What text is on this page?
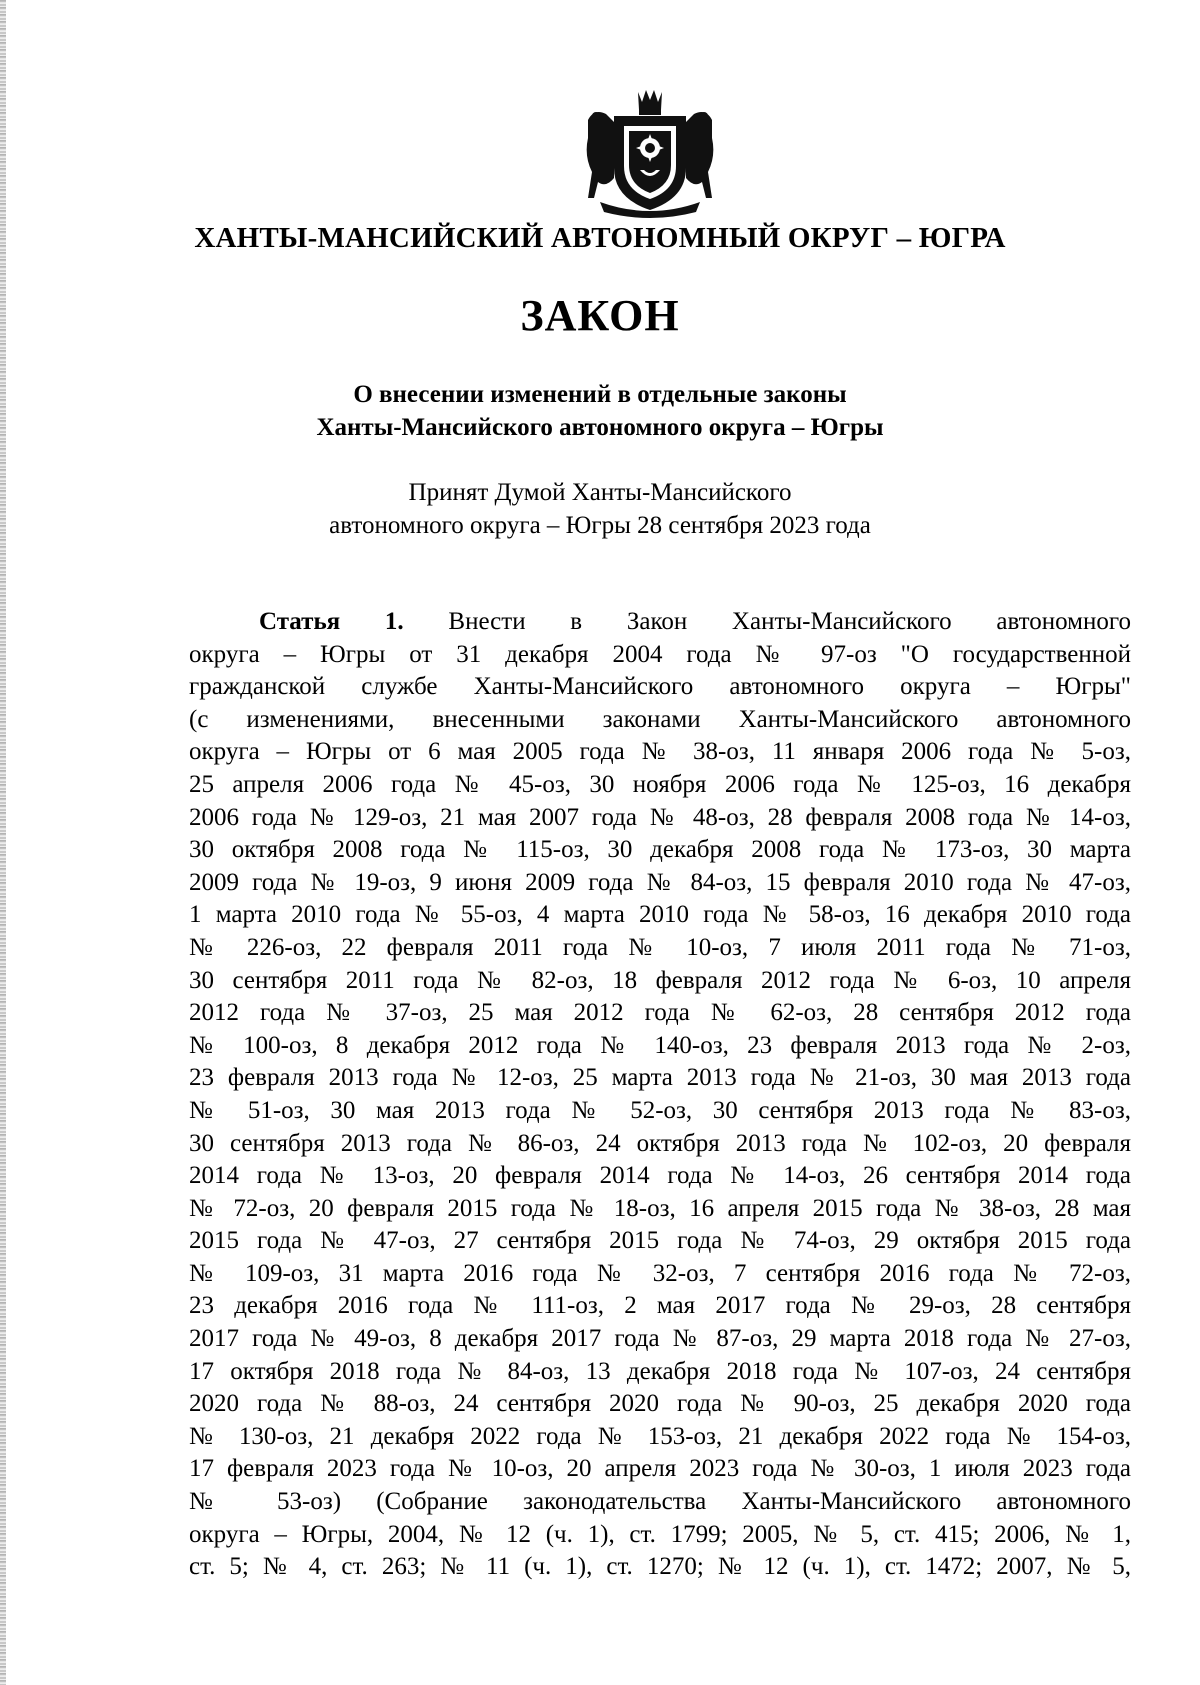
ХАНТЫ-МАНСИЙСКИЙ АВТОНОМНЫЙ ОКРУГ – ЮГРА
ЗАКОН
О внесении изменений в отдельные законы
Ханты-Мансийского автономного округа – Югры
Принят Думой Ханты-Мансийского
автономного округа – Югры 28 сентября 2023 года
Статья 1. Внести в Закон Ханты-Мансийского автономного
округа – Югры от 31 декабря 2004 года № 97-оз "О государственной
гражданской службе Ханты-Мансийского автономного округа – Югры"
(с изменениями, внесенными законами Ханты-Мансийского автономного
округа – Югры от 6 мая 2005 года № 38-оз, 11 января 2006 года № 5-оз,
25 апреля 2006 года № 45-оз, 30 ноября 2006 года № 125-оз, 16 декабря
2006 года № 129-оз, 21 мая 2007 года № 48-оз, 28 февраля 2008 года № 14-оз,
30 октября 2008 года № 115-оз, 30 декабря 2008 года № 173-оз, 30 марта
2009 года № 19-оз, 9 июня 2009 года № 84-оз, 15 февраля 2010 года № 47-оз,
1 марта 2010 года № 55-оз, 4 марта 2010 года № 58-оз, 16 декабря 2010 года
№ 226-оз, 22 февраля 2011 года № 10-оз, 7 июля 2011 года № 71-оз,
30 сентября 2011 года № 82-оз, 18 февраля 2012 года № 6-оз, 10 апреля
2012 года № 37-оз, 25 мая 2012 года № 62-оз, 28 сентября 2012 года
№ 100-оз, 8 декабря 2012 года № 140-оз, 23 февраля 2013 года № 2-оз,
23 февраля 2013 года № 12-оз, 25 марта 2013 года № 21-оз, 30 мая 2013 года
№ 51-оз, 30 мая 2013 года № 52-оз, 30 сентября 2013 года № 83-оз,
30 сентября 2013 года № 86-оз, 24 октября 2013 года № 102-оз, 20 февраля
2014 года № 13-оз, 20 февраля 2014 года № 14-оз, 26 сентября 2014 года
№ 72-оз, 20 февраля 2015 года № 18-оз, 16 апреля 2015 года № 38-оз, 28 мая
2015 года № 47-оз, 27 сентября 2015 года № 74-оз, 29 октября 2015 года
№ 109-оз, 31 марта 2016 года № 32-оз, 7 сентября 2016 года № 72-оз,
23 декабря 2016 года № 111-оз, 2 мая 2017 года № 29-оз, 28 сентября
2017 года № 49-оз, 8 декабря 2017 года № 87-оз, 29 марта 2018 года № 27-оз,
17 октября 2018 года № 84-оз, 13 декабря 2018 года № 107-оз, 24 сентября
2020 года № 88-оз, 24 сентября 2020 года № 90-оз, 25 декабря 2020 года
№ 130-оз, 21 декабря 2022 года № 153-оз, 21 декабря 2022 года № 154-оз,
17 февраля 2023 года № 10-оз, 20 апреля 2023 года № 30-оз, 1 июля 2023 года
№ 53-оз) (Собрание законодательства Ханты-Мансийского автономного
округа – Югры, 2004, № 12 (ч. 1), ст. 1799; 2005, № 5, ст. 415; 2006, № 1,
ст. 5; № 4, ст. 263; № 11 (ч. 1), ст. 1270; № 12 (ч. 1), ст. 1472; 2007, № 5,
